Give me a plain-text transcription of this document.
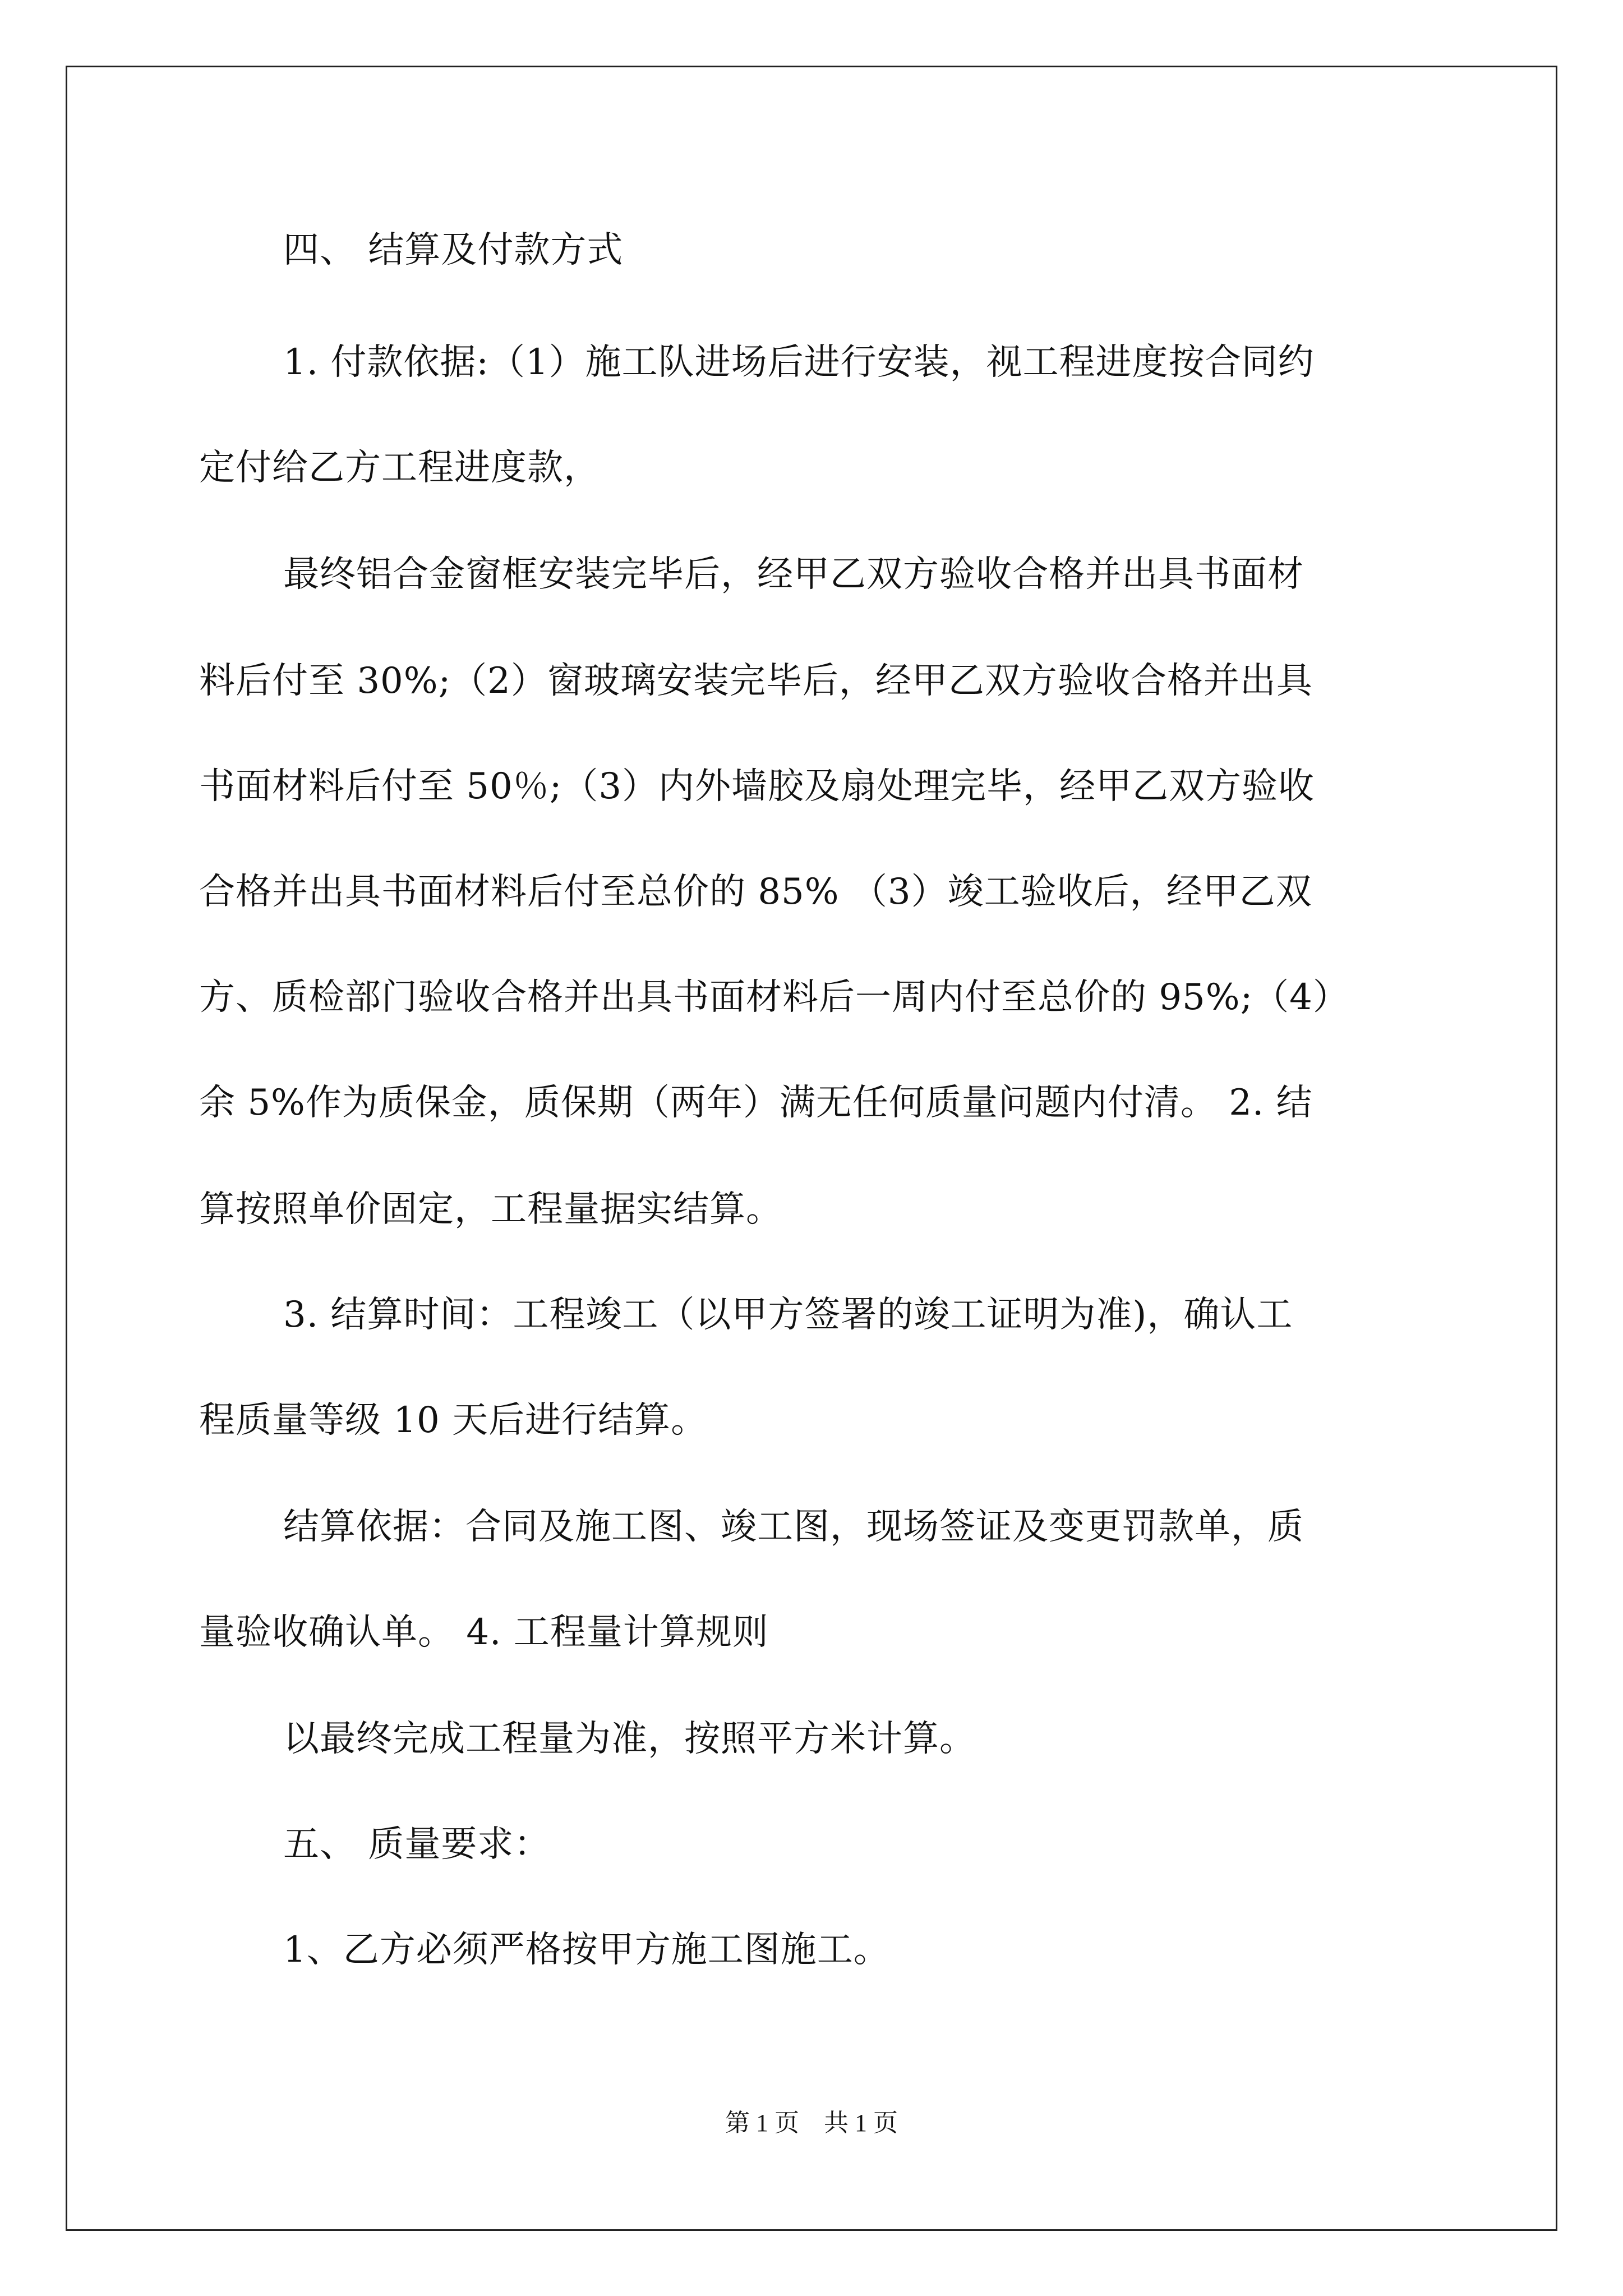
四、 结算及付款方式
1. 付款依据:（1）施工队进场后进行安装，视工程进度按合同约
定付给乙方工程进度款，
最终铝合金窗框安装完毕后，经甲乙双方验收合格并出具书面材
料后付至 30%;（2）窗玻璃安装完毕后，经甲乙双方验收合格并出具
书面材料后付至 50％;（3）内外墙胶及扇处理完毕，经甲乙双方验收
合格并出具书面材料后付至总价的 85% （3）竣工验收后，经甲乙双
方、质检部门验收合格并出具书面材料后一周内付至总价的 95%;（4）
余 5%作为质保金，质保期（两年）满无任何质量问题内付清。 2. 结
算按照单价固定，工程量据实结算。
3. 结算时间：工程竣工（以甲方签署的竣工证明为准)，确认工
程质量等级 10 天后进行结算。
结算依据：合同及施工图、竣工图，现场签证及变更罚款单，质
量验收确认单。 4. 工程量计算规则
以最终完成工程量为准，按照平方米计算。
五、 质量要求：
1、乙方必须严格按甲方施工图施工。
第 1 页　共 1 页
